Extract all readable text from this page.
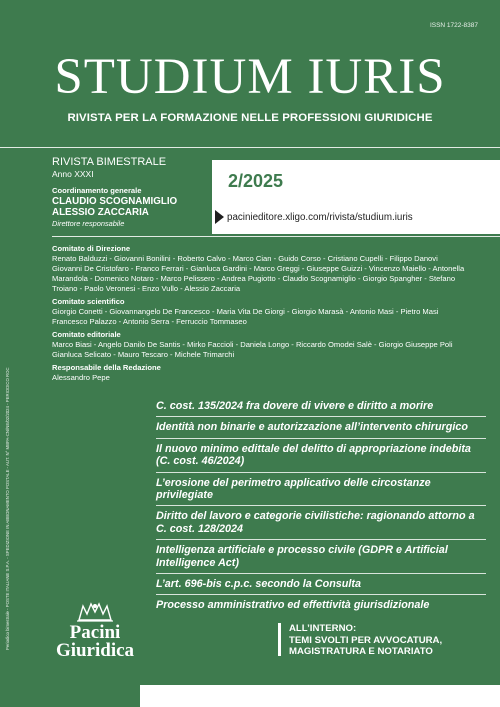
ISSN 1722-8387
STUDIUM IURIS
RIVISTA PER LA FORMAZIONE NELLE PROFESSIONI GIURIDICHE
RIVISTA BIMESTRALE
Anno XXXI
Coordinamento generale
CLAUDIO SCOGNAMIGLIO
ALESSIO ZACCARIA
Direttore responsabile
2/2025
pacinieditore.xligo.com/rivista/studium.iuris
Comitato di Direzione
Renato Balduzzi - Giovanni Bonilini - Roberto Calvo - Marco Cian - Guido Corso - Cristiano Cupelli - Filippo Danovi
Giovanni De Cristofaro - Franco Ferrari - Gianluca Gardini - Marco Greggi - Giuseppe Guizzi - Vincenzo Maiello - Antonella
Marandola - Domenico Notaro - Marco Pelissero - Andrea Pugiotto - Claudio Scognamiglio - Giorgio Spangher - Stefano
Troiano - Paolo Veronesi - Enzo Vullo - Alessio Zaccaria
Comitato scientifico
Giorgio Conetti - Giovannangelo De Francesco - Maria Vita De Giorgi - Giorgio Marasà - Antonio Masi - Pietro Masi
Francesco Palazzo - Antonio Serra - Ferruccio Tommaseo
Comitato editoriale
Marco Biasi - Angelo Danilo De Santis - Mirko Faccioli - Daniela Longo - Riccardo Omodei Salè - Giorgio Giuseppe Poli
Gianluca Selicato - Mauro Tescaro - Michele Trimarchi
Responsabile della Redazione
Alessandro Pepe
Periodico bimestrale - POSTE ITALIANE S.P.A. - SPEDIZIONE IN ABBONAMENTO POSTALE - AUT. N° MBPA-CN/NE/02/2024 - PERIODICO ROC	C. cost. 135/2024 fra dovere di vivere e diritto a morire
Identità non binarie e autorizzazione all’intervento chirurgico
Il nuovo minimo edittale del delitto di appropriazione indebita (C. cost. 46/2024)
L’erosione del perimetro applicativo delle circostanze privilegiate
Diritto del lavoro e categorie civilistiche: ragionando attorno a C. cost. 128/2024
Intelligenza artificiale e processo civile (GDPR e Artificial Intelligence Act)
L’art. 696-bis c.p.c. secondo la Consulta
Processo amministrativo ed effettività giurisdizionale
Pacini
Giuridica
ALL’INTERNO:
TEMI SVOLTI PER AVVOCATURA,
MAGISTRATURA E NOTARIATO
